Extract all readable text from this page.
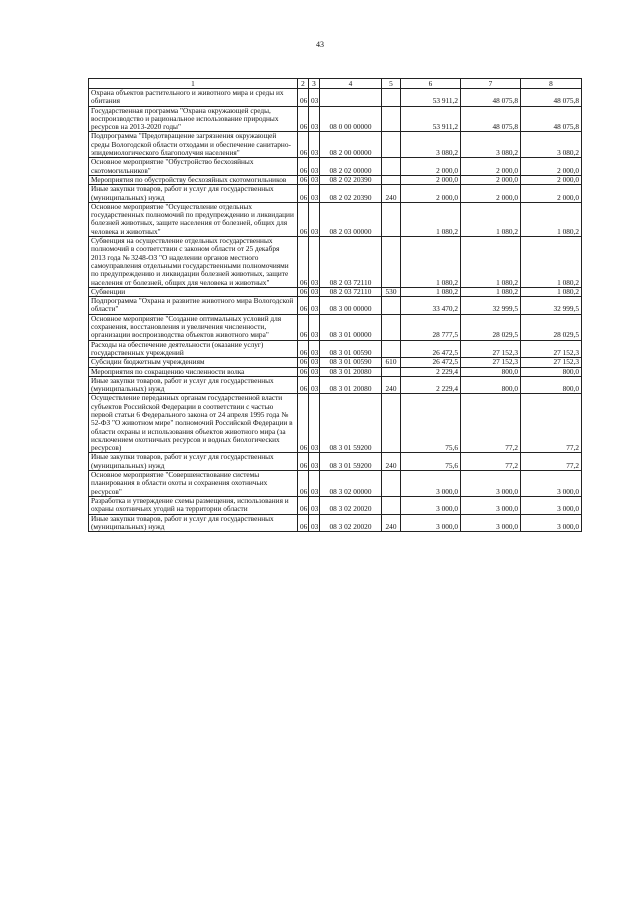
43
1	2	3	4	5	6	7	8
Охрана объектов растительного и животного мира и среды их обитания	06	03			53 911,2	48 075,8	48 075,8
Государственная программа "Охрана окружающей среды, воспроизводство и рациональное использование природных ресурсов на 2013-2020 годы"	06	03	08 0 00 00000		53 911,2	48 075,8	48 075,8
Подпрограмма "Предотвращение загрязнения окружающей среды Вологодской области отходами и обеспечение санитарно-эпидемиологического благополучия населения"	06	03	08 2 00 00000		3 080,2	3 080,2	3 080,2
Основное мероприятие "Обустройство бесхозяйных скотомогильников"	06	03	08 2 02 00000		2 000,0	2 000,0	2 000,0
Мероприятия по обустройству бесхозяйных скотомогильников	06	03	08 2 02 20390		2 000,0	2 000,0	2 000,0
Иные закупки товаров, работ и услуг для государственных (муниципальных) нужд	06	03	08 2 02 20390	240	2 000,0	2 000,0	2 000,0
Основное мероприятие "Осуществление отдельных государственных полномочий по предупреждению и ликвидации болезней животных, защите населения от болезней, общих для человека и животных"	06	03	08 2 03 00000		1 080,2	1 080,2	1 080,2
Субвенция на осуществление отдельных государственных полномочий в соответствии с законом области от 25 декабря 2013 года № 3248-ОЗ "О наделении органов местного самоуправления отдельными государственными полномочиями по предупреждению и ликвидации болезней животных, защите населения от болезней, общих для человека и животных"	06	03	08 2 03 72110		1 080,2	1 080,2	1 080,2
Субвенции	06	03	08 2 03 72110	530	1 080,2	1 080,2	1 080,2
Подпрограмма "Охрана и развитие животного мира Вологодской области"	06	03	08 3 00 00000		33 470,2	32 999,5	32 999,5
Основное мероприятие "Создание оптимальных условий для сохранения, восстановления и увеличения численности, организации воспроизводства объектов животного мира"	06	03	08 3 01 00000		28 777,5	28 029,5	28 029,5
Расходы на обеспечение деятельности (оказание услуг) государственных учреждений	06	03	08 3 01 00590		26 472,5	27 152,3	27 152,3
Субсидии бюджетным учреждениям	06	03	08 3 01 00590	610	26 472,5	27 152,3	27 152,3
Мероприятия по сокращению численности волка	06	03	08 3 01 20080		2 229,4	800,0	800,0
Иные закупки товаров, работ и услуг для государственных (муниципальных) нужд	06	03	08 3 01 20080	240	2 229,4	800,0	800,0
Осуществление переданных органам государственной власти субъектов Российской Федерации в соответствии с частью первой статьи 6 Федерального закона от 24 апреля 1995 года № 52-ФЗ "О животном мире" полномочий Российской Федерации в области охраны и использования объектов животного мира (за исключением охотничьих ресурсов и водных биологических ресурсов)	06	03	08 3 01 59200		75,6	77,2	77,2
Иные закупки товаров, работ и услуг для государственных (муниципальных) нужд	06	03	08 3 01 59200	240	75,6	77,2	77,2
Основное мероприятие "Совершенствование системы планирования в области охоты и сохранения охотничьих ресурсов"	06	03	08 3 02 00000		3 000,0	3 000,0	3 000,0
Разработка и утверждение схемы размещения, использования и охраны охотничьих угодий на территории области	06	03	08 3 02 20020		3 000,0	3 000,0	3 000,0
Иные закупки товаров, работ и услуг для государственных (муниципальных) нужд	06	03	08 3 02 20020	240	3 000,0	3 000,0	3 000,0
